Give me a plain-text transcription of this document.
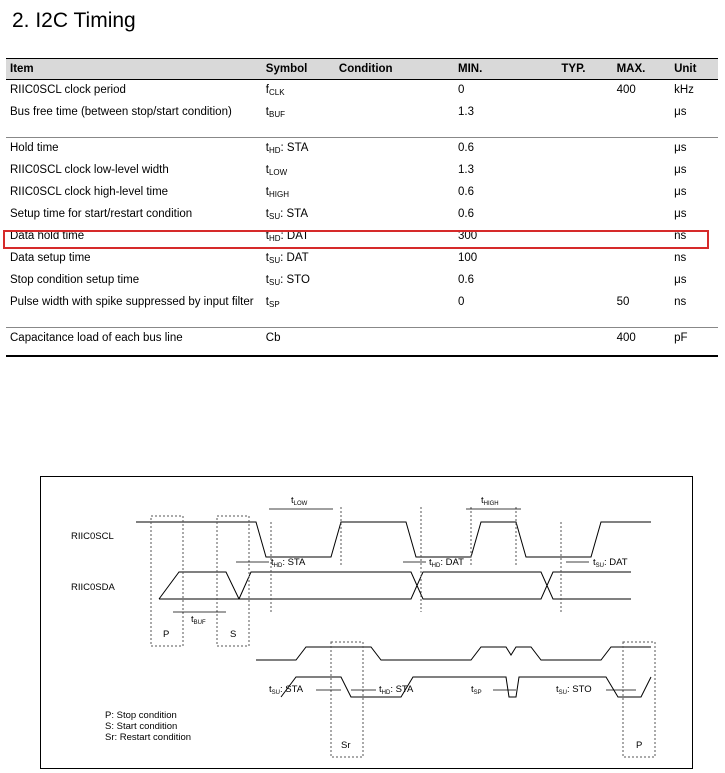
2. I2C Timing
Item	Symbol	Condition	MIN.	TYP.	MAX.	Unit
RIIC0SCL clock period	$f_{CLK}$		0		400	kHz
Bus free time (between stop/start condition)	$t_{BUF}$		1.3			μs
Hold time	$t_{HD}$: STA		0.6			μs
RIIC0SCL clock low-level width	$t_{LOW}$		1.3			μs
RIIC0SCL clock high-level time	$t_{HIGH}$		0.6			μs
Setup time for start/restart condition	$t_{SU}$: STA		0.6			μs
Data hold time	$t_{HD}$: DAT		300			ns
Data setup time	$t_{SU}$: DAT		100			ns
Stop condition setup time	$t_{SU}$: STO		0.6			μs
Pulse width with spike suppressed by input filter	$t_{SP}$		0		50	ns
Capacitance load of each bus line	Cb				400	pF
RIIC0SCL
RIIC0SDA
$t_{LOW}$	$t_{HIGH}$
$t_{HD}$: STA	$t_{HD}$: DAT	$t_{SU}$: DAT
$t_{BUF}$
P	S
$t_{SU}$: STA	$t_{HD}$: STA	$t_{SP}$	$t_{SU}$: STO
Sr	P
P: Stop condition
S: Start condition
Sr: Restart condition
